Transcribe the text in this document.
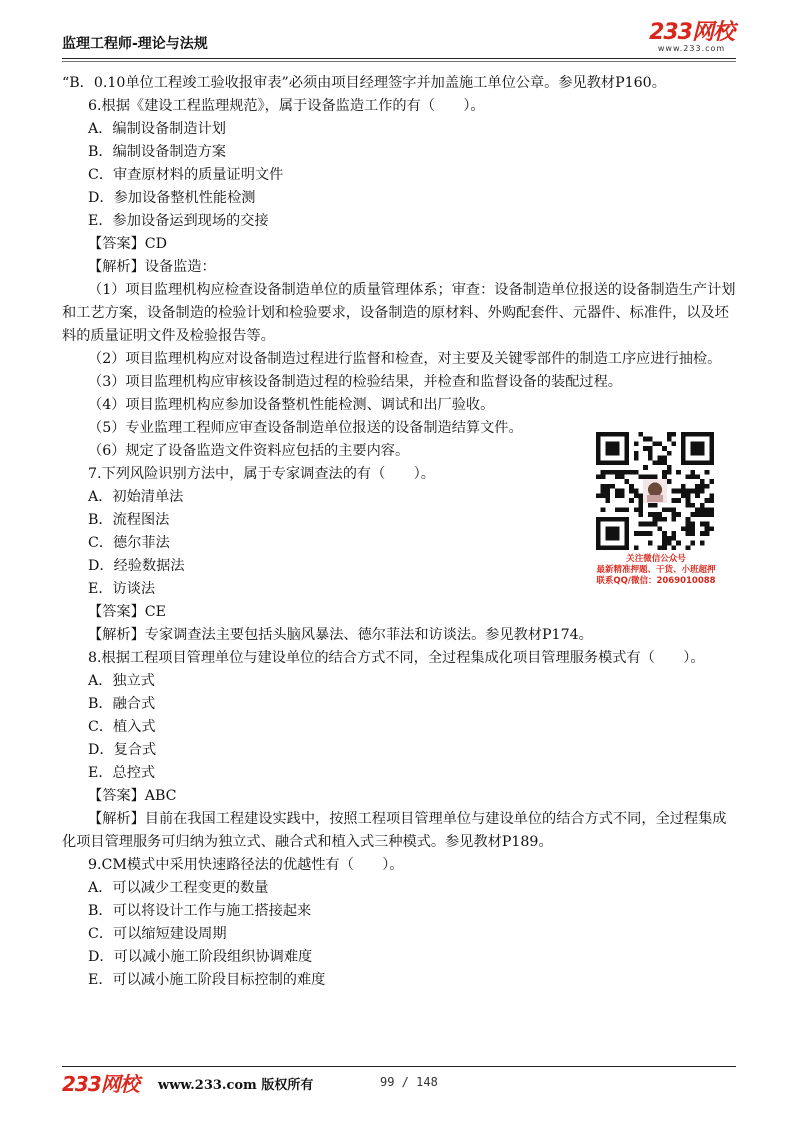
监理工程师-理论与法规	233网校
www.233.com

“B．0.10单位工程竣工验收报审表”必须由项目经理签字并加盖施工单位公章。参见教材P160。

6.根据《建设工程监理规范》，属于设备监造工作的有（　　）。

A．编制设备制造计划

B．编制设备制造方案

C．审查原材料的质量证明文件

D．参加设备整机性能检测

E．参加设备运到现场的交接

【答案】CD

【解析】设备监造：

（1）项目监理机构应检查设备制造单位的质量管理体系；审查：设备制造单位报送的设备制造生产计划和工艺方案，设备制造的检验计划和检验要求，设备制造的原材料、外购配套件、元器件、标准件，以及坯料的质量证明文件及检验报告等。

（2）项目监理机构应对设备制造过程进行监督和检查，对主要及关键零部件的制造工序应进行抽检。

（3）项目监理机构应审核设备制造过程的检验结果，并检查和监督设备的装配过程。

（4）项目监理机构应参加设备整机性能检测、调试和出厂验收。

（5）专业监理工程师应审查设备制造单位报送的设备制造结算文件。

（6）规定了设备监造文件资料应包括的主要内容。

7.下列风险识别方法中，属于专家调查法的有（　　）。

A．初始清单法

B．流程图法

C．德尔菲法

D．经验数据法

E．访谈法

【答案】CE

【解析】专家调查法主要包括头脑风暴法、德尔菲法和访谈法。参见教材P174。

8.根据工程项目管理单位与建设单位的结合方式不同，全过程集成化项目管理服务模式有（　　）。

A．独立式

B．融合式

C．植入式

D．复合式

E．总控式

【答案】ABC

【解析】目前在我国工程建设实践中，按照工程项目管理单位与建设单位的结合方式不同，全过程集成化项目管理服务可归纳为独立式、融合式和植入式三种模式。参见教材P189。

9.CM模式中采用快速路径法的优越性有（　　）。

A．可以减少工程变更的数量

B．可以将设计工作与施工搭接起来

C．可以缩短建设周期

D．可以减小施工阶段组织协调难度

E．可以减小施工阶段目标控制的难度

关注微信公众号
最新精准押题、干货、小班超押
联系QQ/微信：2069010088
233网校 www.233.com 版权所有	99 / 148
